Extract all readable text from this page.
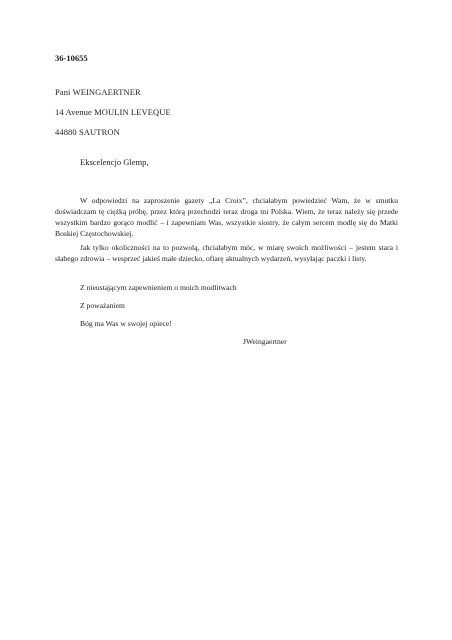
36-10655
Pani WEINGAERTNER
14 Avenue MOULIN LEVEQUE
44880 SAUTRON
Ekscelencjo Glemp,

W odpowiedzi na zaproszenie gazety „La Croix”, chciałabym powiedzieć Wam, że w smutku doświadczam tę ciężką próbę, przez którą przechodzi teraz droga mi Polska. Wiem, że teraz należy się przede wszystkim bardzo gorąco modlić – i zapewniam Was, wszystkie siostry, że całym sercem modlę się do Matki Boskiej Częstochowskiej.

Jak tylko okoliczności na to pozwolą, chciałabym móc, w miarę swoich możliwości – jestem stara i słabego zdrowia – wesprzeć jakieś małe dziecko, ofiarę aktualnych wydarzeń, wysyłając paczki i listy.

Z nieustającym zapewnieniem o moich modlitwach
Z poważaniem
Bóg ma Was w swojej opiece!
JWeingaertner
